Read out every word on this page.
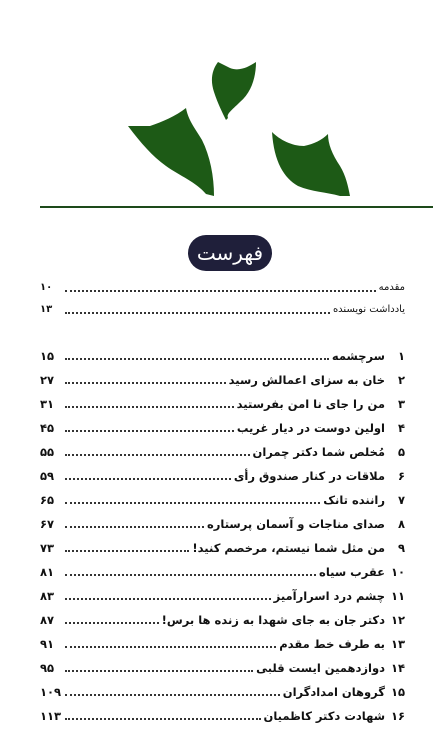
فهرست
مقدمه
۱۰
یادداشت نویسنده
۱۳
۱
سرچشمه
۱۵
۲
خان به سزای اعمالش رسید
۲۷
۳
من را جای نا امن بفرستید
۳۱
۴
اولین دوست در دیار غریب
۴۵
۵
مُخلص شما دکتر چمران
۵۵
۶
ملاقات در کنار صندوق رأی
۵۹
۷
راننده تانک
۶۵
۸
صدای مناجات و آسمان پرستاره
۶۷
۹
من مثل شما نیستم، مرخصم کنید!
۷۳
۱۰
عقرب سیاه
۸۱
۱۱
چشم درد اسرارآمیز
۸۳
۱۲
دکتر جان به جای شهدا به زنده ها برس!
۸۷
۱۳
به طرف خط مقدم
۹۱
۱۴
دوازدهمین ایست قلبی
۹۵
۱۵
گروهان امدادگران
۱۰۹
۱۶
شهادت دکتر کاظمیان
۱۱۳
